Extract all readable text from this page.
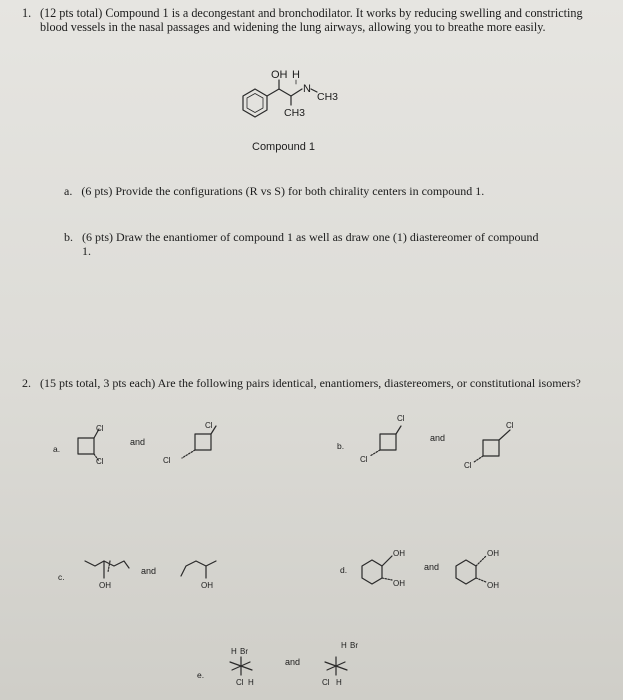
1. (12 pts total) Compound 1 is a decongestant and bronchodilator. It works by reducing swelling and constricting blood vessels in the nasal passages and widening the lung airways, allowing you to breathe more easily.
Compound 1
a. (6 pts) Provide the configurations (R vs S) for both chirality centers in compound 1.
b. (6 pts) Draw the enantiomer of compound 1 as well as draw one (1) diastereomer of compound 1.
2. (15 pts total, 3 pts each) Are the following pairs identical, enantiomers, diastereomers, or constitutional isomers?
OH H
N
CH3
CH3
a.
Cl
Cl
and
Cl
Cl
b.
Cl
Cl
and
Cl
Cl
c.
OH
and
OH
d.
OH
OH
and
OH
OH
e.
H Br
Cl H
and
H Br
Cl H
